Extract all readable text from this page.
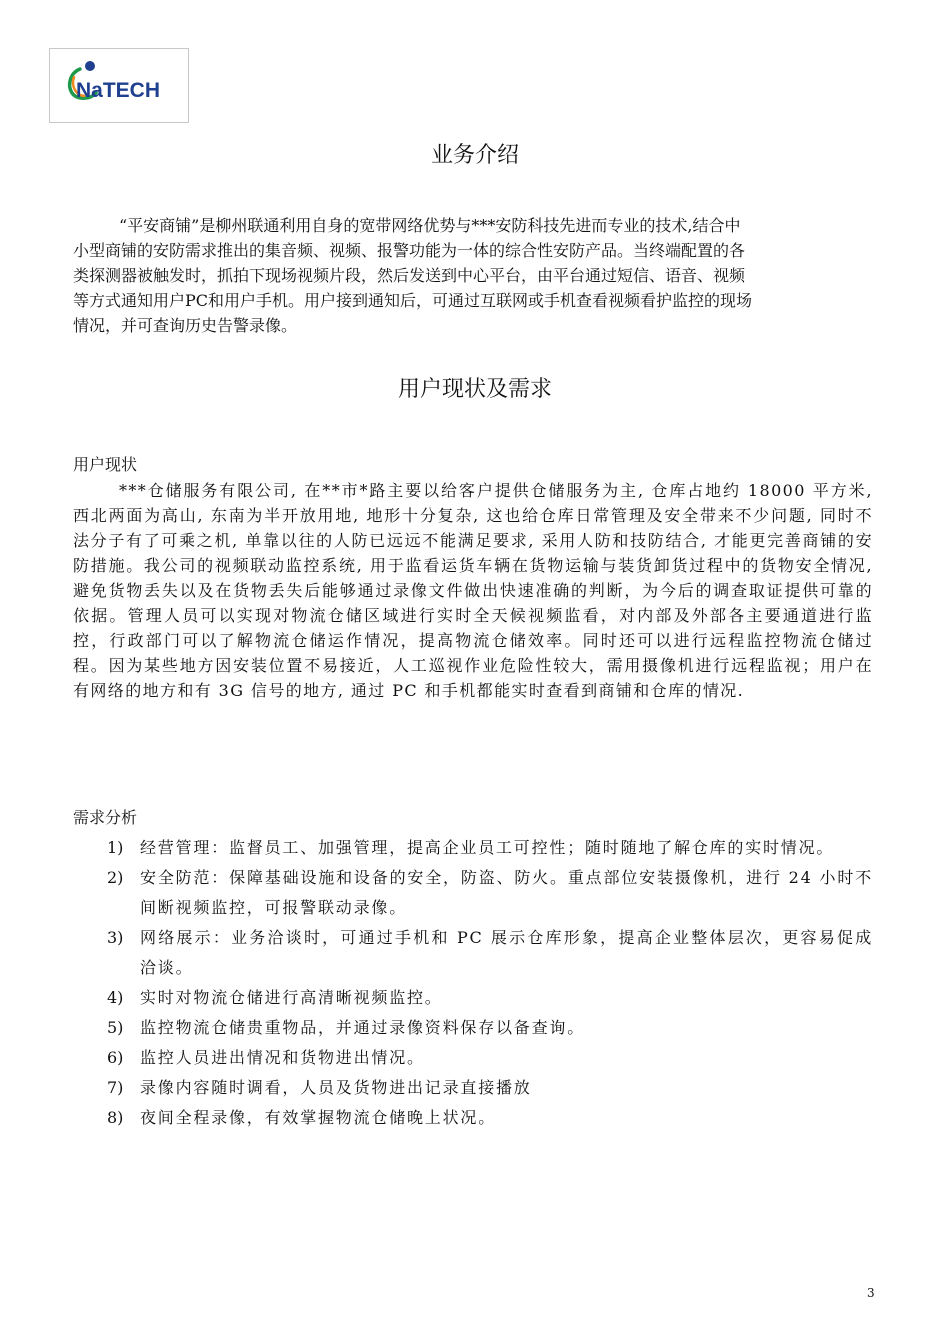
NaTECH
业务介绍

“平安商铺”是柳州联通利用自身的宽带网络优势与***安防科技先进而专业的技术,结合中
小型商铺的安防需求推出的集音频、视频、报警功能为一体的综合性安防产品。当终端配置的各
类探测器被触发时，抓拍下现场视频片段，然后发送到中心平台，由平台通过短信、语音、视频
等方式通知用户PC和用户手机。用户接到通知后，可通过互联网或手机查看视频看护监控的现场
情况，并可查询历史告警录像。

用户现状及需求
用户现状

***仓储服务有限公司, 在**市*路主要以给客户提供仓储服务为主, 仓库占地约 18000 平方米, 西北两面为高山, 东南为半开放用地, 地形十分复杂, 这也给仓库日常管理及安全带来不少问题, 同时不法分子有了可乘之机, 单靠以往的人防已远远不能满足要求, 采用人防和技防结合, 才能更完善商铺的安防措施。我公司的视频联动监控系统, 用于监看运货车辆在货物运输与装货卸货过程中的货物安全情况, 避免货物丢失以及在货物丢失后能够通过录像文件做出快速准确的判断，为今后的调查取证提供可靠的依据。管理人员可以实现对物流仓储区域进行实时全天候视频监看，对内部及外部各主要通道进行监控，行政部门可以了解物流仓储运作情况，提高物流仓储效率。同时还可以进行远程监控物流仓储过程。因为某些地方因安装位置不易接近，人工巡视作业危险性较大，需用摄像机进行远程监视；用户在有网络的地方和有 3G 信号的地方, 通过 PC 和手机都能实时查看到商铺和仓库的情况.

需求分析
1) 经营管理：监督员工、加强管理，提高企业员工可控性；随时随地了解仓库的实时情况。
2) 安全防范：保障基础设施和设备的安全，防盗、防火。重点部位安装摄像机，进行 24 小时不间断视频监控，可报警联动录像。
3) 网络展示：业务洽谈时，可通过手机和 PC 展示仓库形象，提高企业整体层次，更容易促成洽谈。
4) 实时对物流仓储进行高清晰视频监控。
5) 监控物流仓储贵重物品，并通过录像资料保存以备查询。
6) 监控人员进出情况和货物进出情况。
7) 录像内容随时调看，人员及货物进出记录直接播放
8) 夜间全程录像，有效掌握物流仓储晚上状况。
3
